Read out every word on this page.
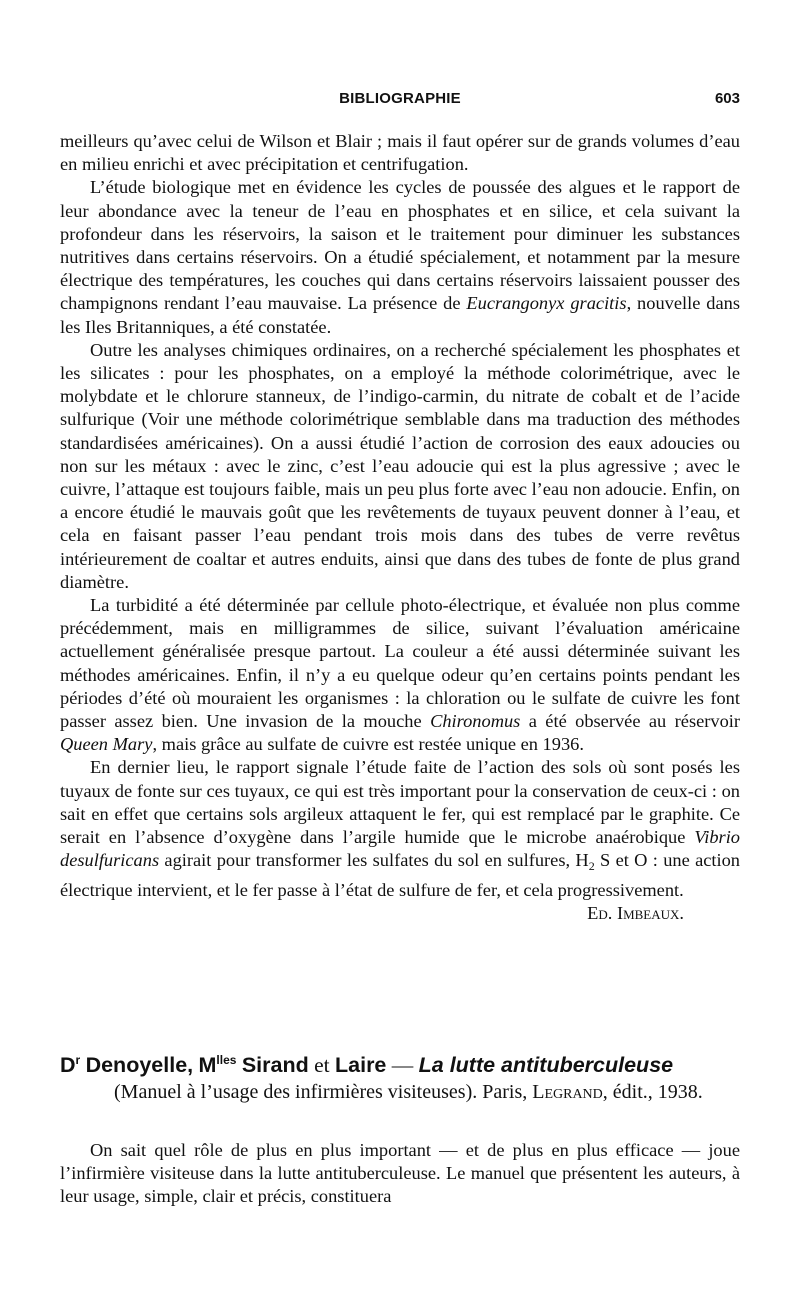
BIBLIOGRAPHIE	603

meilleurs qu’avec celui de Wilson et Blair ; mais il faut opérer sur de grands volumes d’eau en milieu enrichi et avec précipitation et centrifugation.

L’étude biologique met en évidence les cycles de poussée des algues et le rapport de leur abondance avec la teneur de l’eau en phosphates et en silice, et cela suivant la profondeur dans les réservoirs, la saison et le traitement pour diminuer les substances nutritives dans certains réservoirs. On a étudié spécialement, et notamment par la mesure électrique des températures, les couches qui dans certains réservoirs laissaient pousser des champignons rendant l’eau mauvaise. La présence de Eucrangonyx gracitis, nouvelle dans les Iles Britanniques, a été constatée.

Outre les analyses chimiques ordinaires, on a recherché spécialement les phosphates et les silicates : pour les phosphates, on a employé la méthode colorimétrique, avec le molybdate et le chlorure stanneux, de l’indigo-carmin, du nitrate de cobalt et de l’acide sulfurique (Voir une méthode colorimétrique semblable dans ma traduction des méthodes standardisées américaines). On a aussi étudié l’action de corrosion des eaux adoucies ou non sur les métaux : avec le zinc, c’est l’eau adoucie qui est la plus agressive ; avec le cuivre, l’attaque est toujours faible, mais un peu plus forte avec l’eau non adoucie. Enfin, on a encore étudié le mauvais goût que les revêtements de tuyaux peuvent donner à l’eau, et cela en faisant passer l’eau pendant trois mois dans des tubes de verre revêtus intérieurement de coaltar et autres enduits, ainsi que dans des tubes de fonte de plus grand diamètre.

La turbidité a été déterminée par cellule photo-électrique, et évaluée non plus comme précédemment, mais en milligrammes de silice, suivant l’évaluation américaine actuellement généralisée presque partout. La couleur a été aussi déterminée suivant les méthodes américaines. Enfin, il n’y a eu quelque odeur qu’en certains points pendant les périodes d’été où mouraient les organismes : la chloration ou le sulfate de cuivre les font passer assez bien. Une invasion de la mouche Chironomus a été observée au réservoir Queen Mary, mais grâce au sulfate de cuivre est restée unique en 1936.

En dernier lieu, le rapport signale l’étude faite de l’action des sols où sont posés les tuyaux de fonte sur ces tuyaux, ce qui est très important pour la conservation de ceux-ci : on sait en effet que certains sols argileux attaquent le fer, qui est remplacé par le graphite. Ce serait en l’absence d’oxygène dans l’argile humide que le microbe anaérobique Vibrio desulfuricans agirait pour transformer les sulfates du sol en sulfures, $H_2$ S et O : une action électrique intervient, et le fer passe à l’état de sulfure de fer, et cela progressivement.

Ed. Imbeaux.
$D^r$ Denoyelle, $M^{lles}$ Sirand et Laire — La lutte antituberculeuse
(Manuel à l’usage des infirmières visiteuses). Paris, Legrand, édit., 1938.

On sait quel rôle de plus en plus important — et de plus en plus efficace — joue l’infirmière visiteuse dans la lutte antituberculeuse. Le manuel que présentent les auteurs, à leur usage, simple, clair et précis, constituera
